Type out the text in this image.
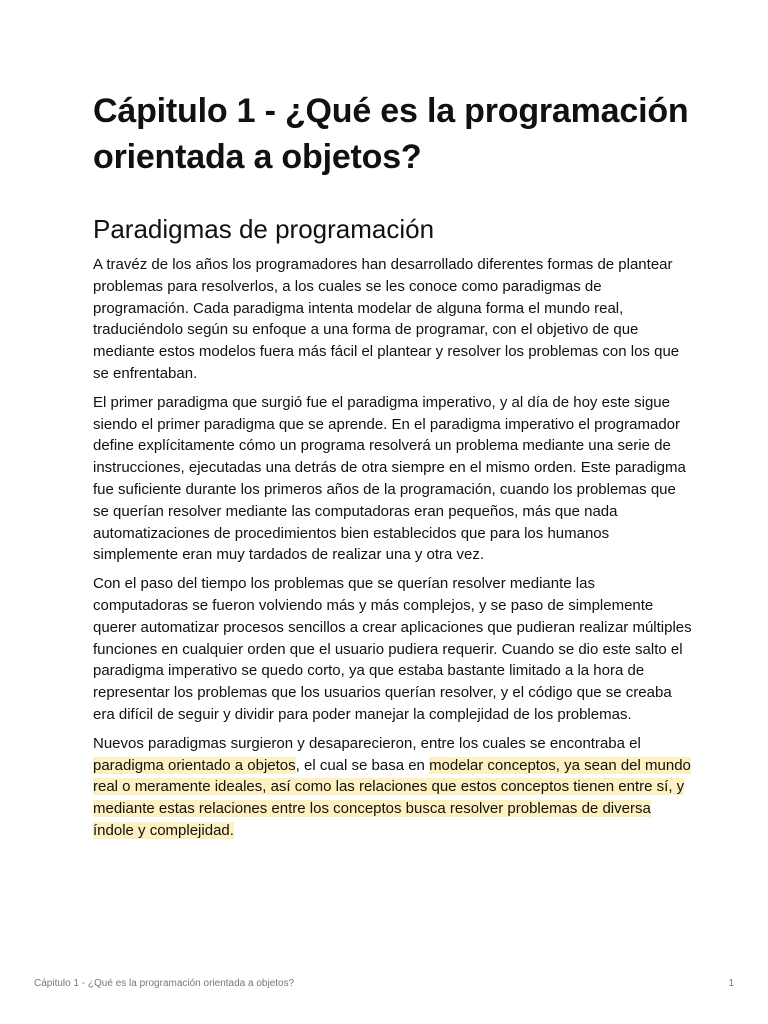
Cápitulo 1 - ¿Qué es la programación orientada a objetos?
Paradigmas de programación

A travéz de los años los programadores han desarrollado diferentes formas de plantear problemas para resolverlos, a los cuales se les conoce como paradigmas de programación. Cada paradigma intenta modelar de alguna forma el mundo real, traduciéndolo según su enfoque a una forma de programar, con el objetivo de que mediante estos modelos fuera más fácil el plantear y resolver los problemas con los que se enfrentaban.

El primer paradigma que surgió fue el paradigma imperativo, y al día de hoy este sigue siendo el primer paradigma que se aprende. En el paradigma imperativo el programador define explícitamente cómo un programa resolverá un problema mediante una serie de instrucciones, ejecutadas una detrás de otra siempre en el mismo orden. Este paradigma fue suficiente durante los primeros años de la programación, cuando los problemas que se querían resolver mediante las computadoras eran pequeños, más que nada automatizaciones de procedimientos bien establecidos que para los humanos simplemente eran muy tardados de realizar una y otra vez.

Con el paso del tiempo los problemas que se querían resolver mediante las computadoras se fueron volviendo más y más complejos, y se paso de simplemente querer automatizar procesos sencillos a crear aplicaciones que pudieran realizar múltiples funciones en cualquier orden que el usuario pudiera requerir. Cuando se dio este salto el paradigma imperativo se quedo corto, ya que estaba bastante limitado a la hora de representar los problemas que los usuarios querían resolver, y el código que se creaba era difícil de seguir y dividir para poder manejar la complejidad de los problemas.

Nuevos paradigmas surgieron y desaparecieron, entre los cuales se encontraba el paradigma orientado a objetos, el cual se basa en modelar conceptos, ya sean del mundo real o meramente ideales, así como las relaciones que estos conceptos tienen entre sí, y mediante estas relaciones entre los conceptos busca resolver problemas de diversa índole y complejidad.

Cápitulo 1 - ¿Qué es la programación orientada a objetos?	1
